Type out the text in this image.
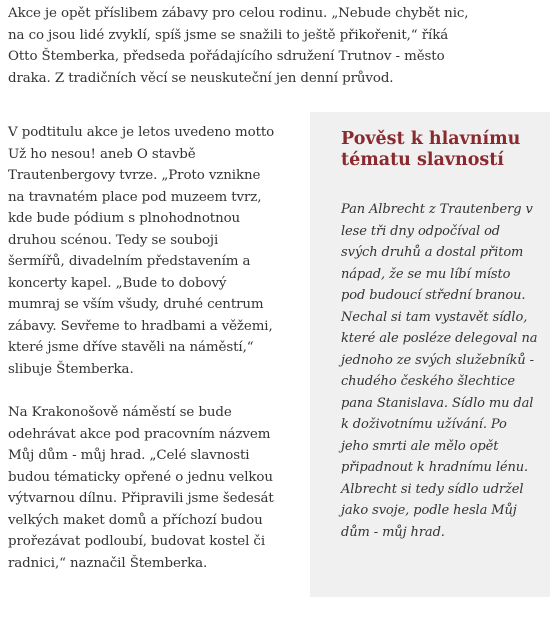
Akce je opět příslibem zábavy pro celou rodinu. „Nebude chybět nic, na co jsou lidé zvyklí, spíš jsme se snažili to ještě přikořenit,“ říká Otto Štemberka, předseda pořádajícího sdružení Trutnov - město draka. Z tradičních věcí se neuskuteční jen denní průvod.

V podtitulu akce je letos uvedeno motto Už ho nesou! aneb O stavbě Trautenbergovy tvrze. „Proto vznikne na travnatém place pod muzeem tvrz, kde bude pódium s plnohodnotnou druhou scénou. Tedy se souboji šermířů, divadelním představením a koncerty kapel. „Bude to dobový mumraj se vším všudy, druhé centrum zábavy. Sevřeme to hradbami a věžemi, které jsme dříve stavěli na náměstí,“ slibuje Štemberka.

Na Krakonošově náměstí se bude odehrávat akce pod pracovním názvem Můj dům - můj hrad. „Celé slavnosti budou tématicky opřené o jednu velkou výtvarnou dílnu. Připravili jsme šedesát velkých maket domů a příchozí budou prořezávat podloubí, budovat kostel či radnici,“ naznačil Štemberka.

Pověst k hlavnímu tématu slavností

Pan Albrecht z Trautenberg v lese tři dny odpočíval od svých druhů a dostal přitom nápad, že se mu líbí místo pod budoucí střední branou. Nechal si tam vystavět sídlo, které ale posléze delegoval na jednoho ze svých služebníků - chudého českého šlechtice pana Stanislava. Sídlo mu dal k doživotnímu užívání. Po jeho smrti ale mělo opět připadnout k hradnímu lénu. Albrecht si tedy sídlo udržel jako svoje, podle hesla Můj dům - můj hrad.
